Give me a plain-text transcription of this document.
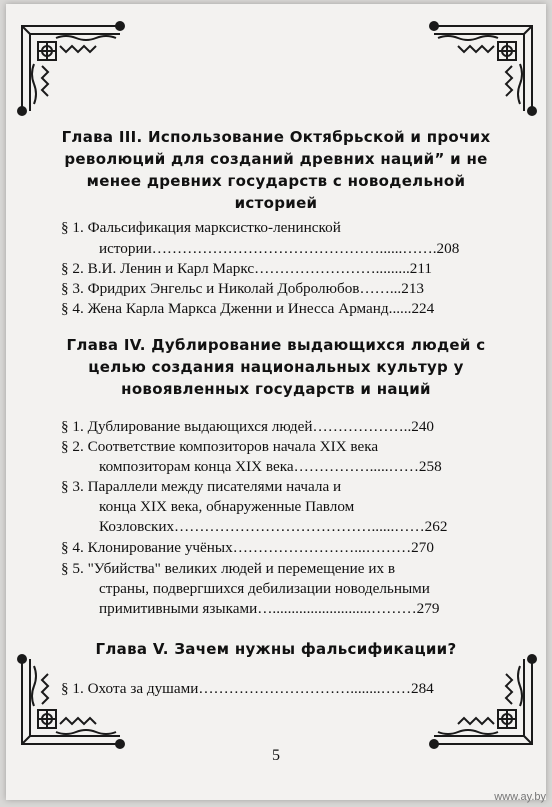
Глава III. Использование Октябрьской и прочих
революций для созданий древних наций” и не
менее древних государств с новодельной
историей
§ 1. Фальсификация марксистко-ленинской
истории………………………………………......…….208
§ 2. В.И. Ленин и Карл Маркс…………………….........211
§ 3. Фридрих Энгельс и Николай Добролюбов……...213
§ 4. Жена Карла Маркса Дженни и Инесса Арманд......224
Глава IV. Дублирование выдающихся людей с
целью создания национальных культур у
новоявленных государств и наций
§ 1. Дублирование выдающихся людей………………..240
§ 2. Соответствие композиторов начала XIX века
композиторам конца XIX века…………….....……258
§ 3. Параллели между писателями начала и
конца XIX века, обнаруженные Павлом
Козловских…………………………………......……262
§ 4. Клонирование учёных……………………...………270
§ 5. "Убийства" великих людей и перемещение их в
страны, подвергшихся дебилизации новодельными
примитивными языками…..........................………279
Глава V. Зачем нужны фальсификации?
§ 1. Охота за душами…………………………........……284
5
www.ay.by
